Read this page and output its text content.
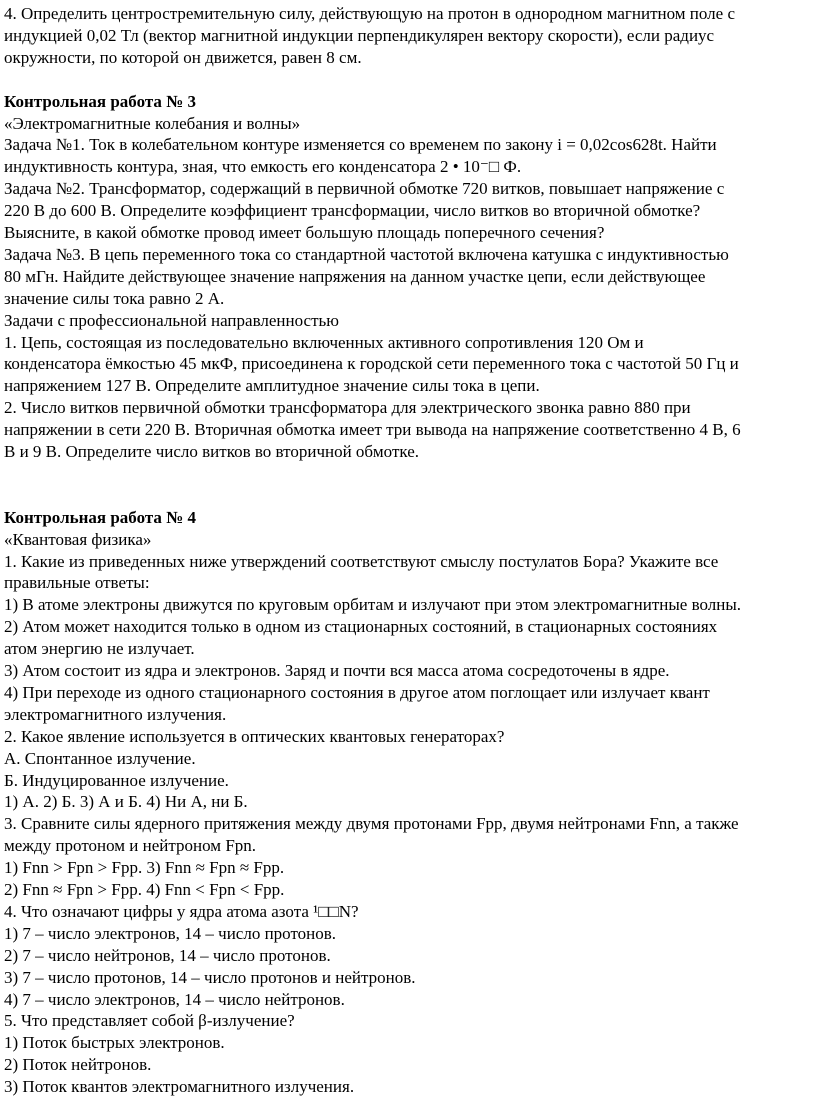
4. Определить центростремительную силу, действующую на протон в однородном магнитном поле с
индукцией 0,02 Тл (вектор магнитной индукции перпендикулярен вектору скорости), если радиус
окружности, по которой он движется, равен 8 см.
Контрольная работа № 3
«Электромагнитные колебания и волны»
Задача №1. Ток в колебательном контуре изменяется со временем по закону i = 0,02cos628t. Найти
индуктивность контура, зная, что емкость его конденсатора 2 • 10⁻□ Ф.
Задача №2. Трансформатор, содержащий в первичной обмотке 720 витков, повышает напряжение с
220 В до 600 В. Определите коэффициент трансформации, число витков во вторичной обмотке?
Выясните, в какой обмотке провод имеет большую площадь поперечного сечения?
Задача №3. В цепь переменного тока со стандартной частотой включена катушка с индуктивностью
80 мГн. Найдите действующее значение напряжения на данном участке цепи, если действующее
значение силы тока равно 2 А.
Задачи с профессиональной направленностью
1. Цепь, состоящая из последовательно включенных активного сопротивления 120 Ом и
конденсатора ёмкостью 45 мкФ, присоединена к городской сети переменного тока с частотой 50 Гц и
напряжением 127 В. Определите амплитудное значение силы тока в цепи.
2. Число витков первичной обмотки трансформатора для электрического звонка равно 880 при
напряжении в сети 220 В. Вторичная обмотка имеет три вывода на напряжение соответственно 4 В, 6
В и 9 В. Определите число витков во вторичной обмотке.
Контрольная работа № 4
«Квантовая физика»
1. Какие из приведенных ниже утверждений соответствуют смыслу постулатов Бора? Укажите все
правильные ответы:
1) В атоме электроны движутся по круговым орбитам и излучают при этом электромагнитные волны.
2) Атом может находится только в одном из стационарных состояний, в стационарных состояниях
атом энергию не излучает.
3) Атом состоит из ядра и электронов. Заряд и почти вся масса атома сосредоточены в ядре.
4) При переходе из одного стационарного состояния в другое атом поглощает или излучает квант
электромагнитного излучения.
2. Какое явление используется в оптических квантовых генераторах?
А. Спонтанное излучение.
Б. Индуцированное излучение.
1) А. 2) Б. 3) А и Б. 4) Ни А, ни Б.
3. Сравните силы ядерного притяжения между двумя протонами Fpp, двумя нейтронами Fnn, а также
между протоном и нейтроном Fpn.
1) Fnn > Fpn > Fpp. 3) Fnn ≈ Fpn ≈ Fpp.
2) Fnn ≈ Fpn > Fpp. 4) Fnn < Fpn < Fpp.
4. Что означают цифры у ядра атома азота ¹□□N?
1) 7 – число электронов, 14 – число протонов.
2) 7 – число нейтронов, 14 – число протонов.
3) 7 – число протонов, 14 – число протонов и нейтронов.
4) 7 – число электронов, 14 – число нейтронов.
5. Что представляет собой β-излучение?
1) Поток быстрых электронов.
2) Поток нейтронов.
3) Поток квантов электромагнитного излучения.
